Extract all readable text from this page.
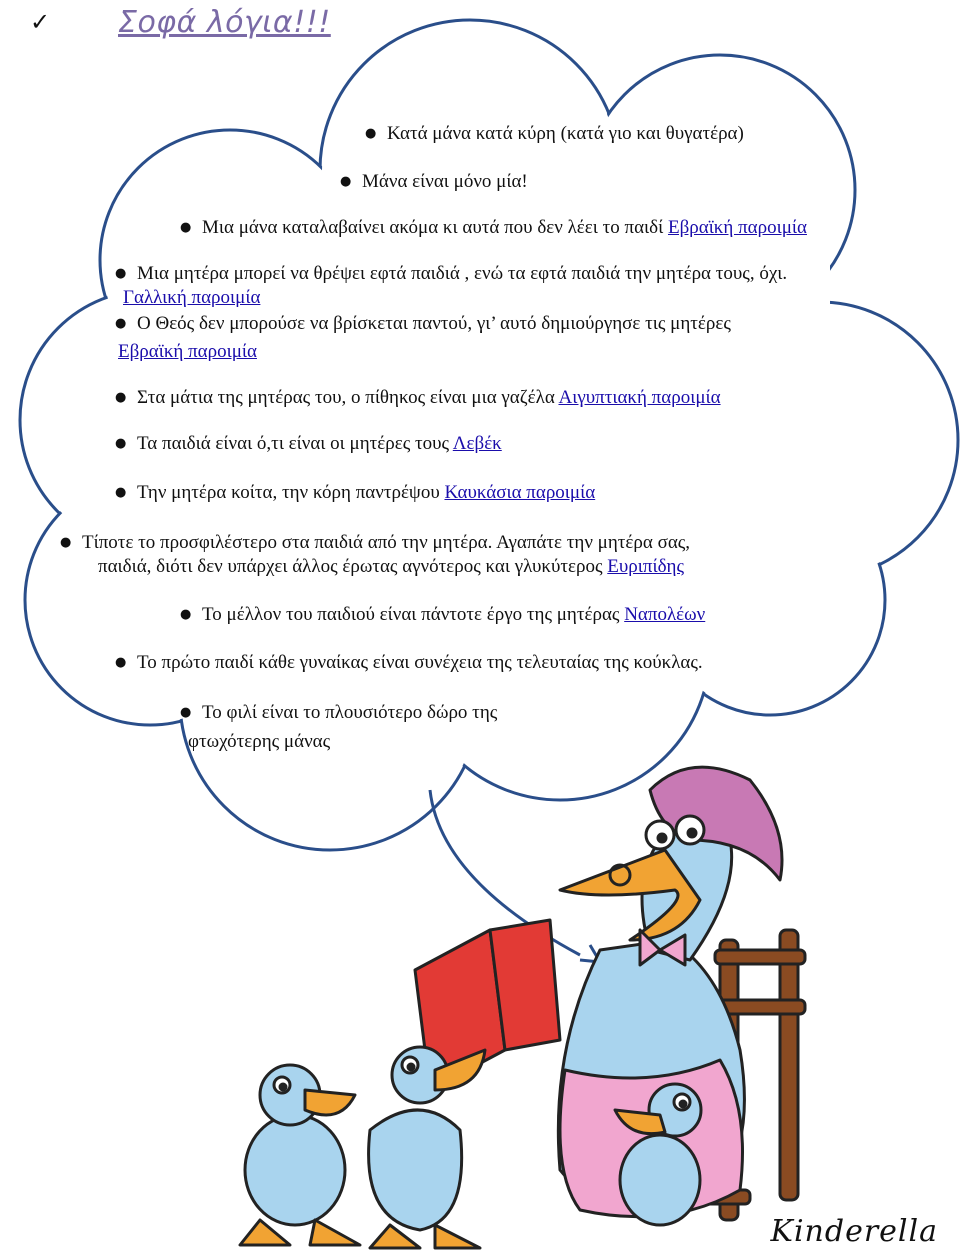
✓	Σοφά λόγια!!!
● Κατά μάνα κατά κύρη (κατά γιο και θυγατέρα)
● Μάνα είναι μόνο μία!
● Μια μάνα καταλαβαίνει ακόμα κι αυτά που δεν λέει το παιδί Εβραϊκή παροιμία
● Μια μητέρα μπορεί να θρέψει εφτά παιδιά , ενώ τα εφτά παιδιά την μητέρα τους, όχι.
Γαλλική παροιμία
● Ο Θεός δεν μπορούσε να βρίσκεται παντού, γι’ αυτό δημιούργησε τις μητέρες
Εβραϊκή παροιμία
● Στα μάτια της μητέρας του, ο πίθηκος είναι μια γαζέλα Αιγυπτιακή παροιμία
● Τα παιδιά είναι ό,τι είναι οι μητέρες τους Λεβέκ
● Την μητέρα κοίτα, την κόρη παντρέψου Καυκάσια παροιμία
● Τίποτε το προσφιλέστερο στα παιδιά από την μητέρα. Αγαπάτε την μητέρα σας,
παιδιά, διότι δεν υπάρχει άλλος έρωτας αγνότερος και γλυκύτερος Ευριπίδης
● Το μέλλον του παιδιού είναι πάντοτε έργο της μητέρας Ναπολέων
● Το πρώτο παιδί κάθε γυναίκας είναι συνέχεια της τελευταίας της κούκλας.
● Το φιλί είναι το πλουσιότερο δώρο της
φτωχότερης μάνας
Kinderella
